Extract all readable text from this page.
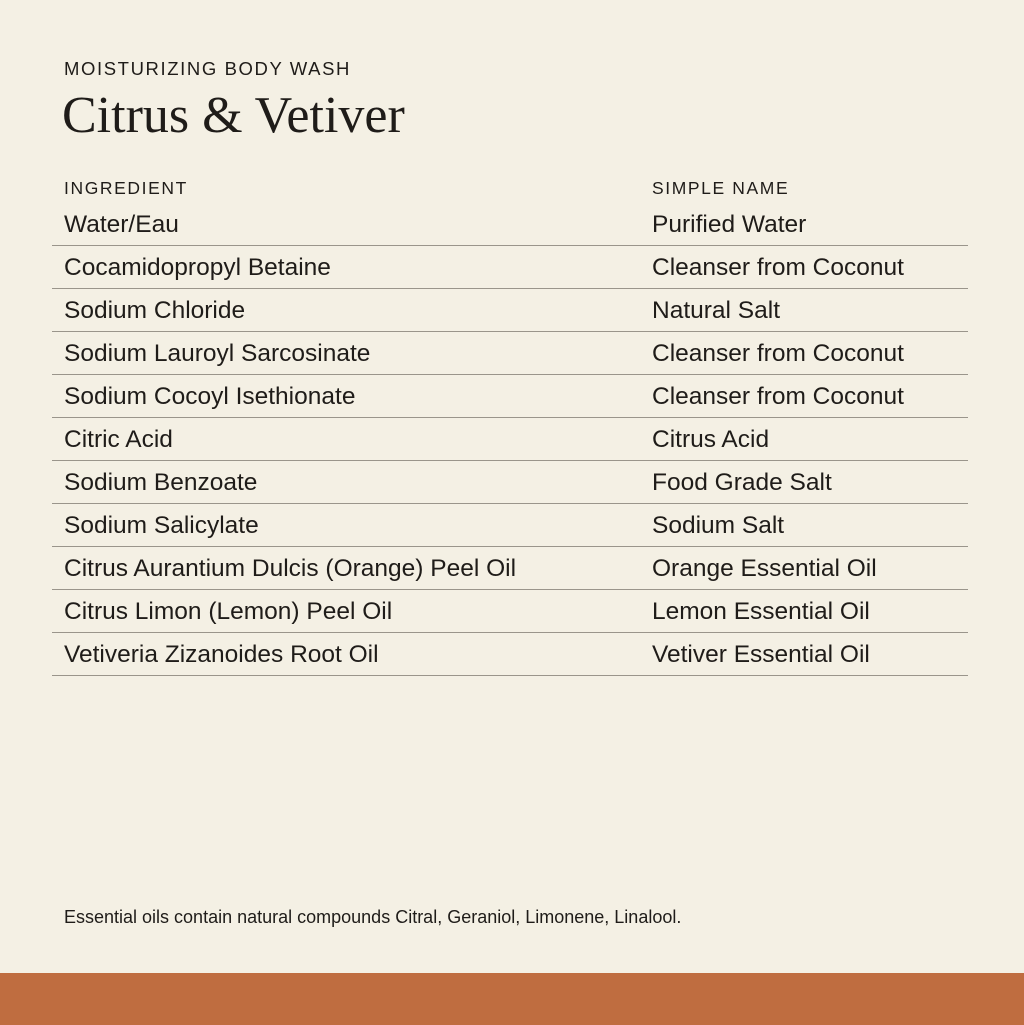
MOISTURIZING BODY WASH
Citrus & Vetiver
INGREDIENT	SIMPLE NAME
Water/Eau	Purified Water
Cocamidopropyl Betaine	Cleanser from Coconut
Sodium Chloride	Natural Salt
Sodium Lauroyl Sarcosinate	Cleanser from Coconut
Sodium Cocoyl Isethionate	Cleanser from Coconut
Citric Acid	Citrus Acid
Sodium Benzoate	Food Grade Salt
Sodium Salicylate	Sodium Salt
Citrus Aurantium Dulcis (Orange) Peel Oil	Orange Essential Oil
Citrus Limon (Lemon) Peel Oil	Lemon Essential Oil
Vetiveria Zizanoides Root Oil	Vetiver Essential Oil
Essential oils contain natural compounds Citral, Geraniol, Limonene, Linalool.
